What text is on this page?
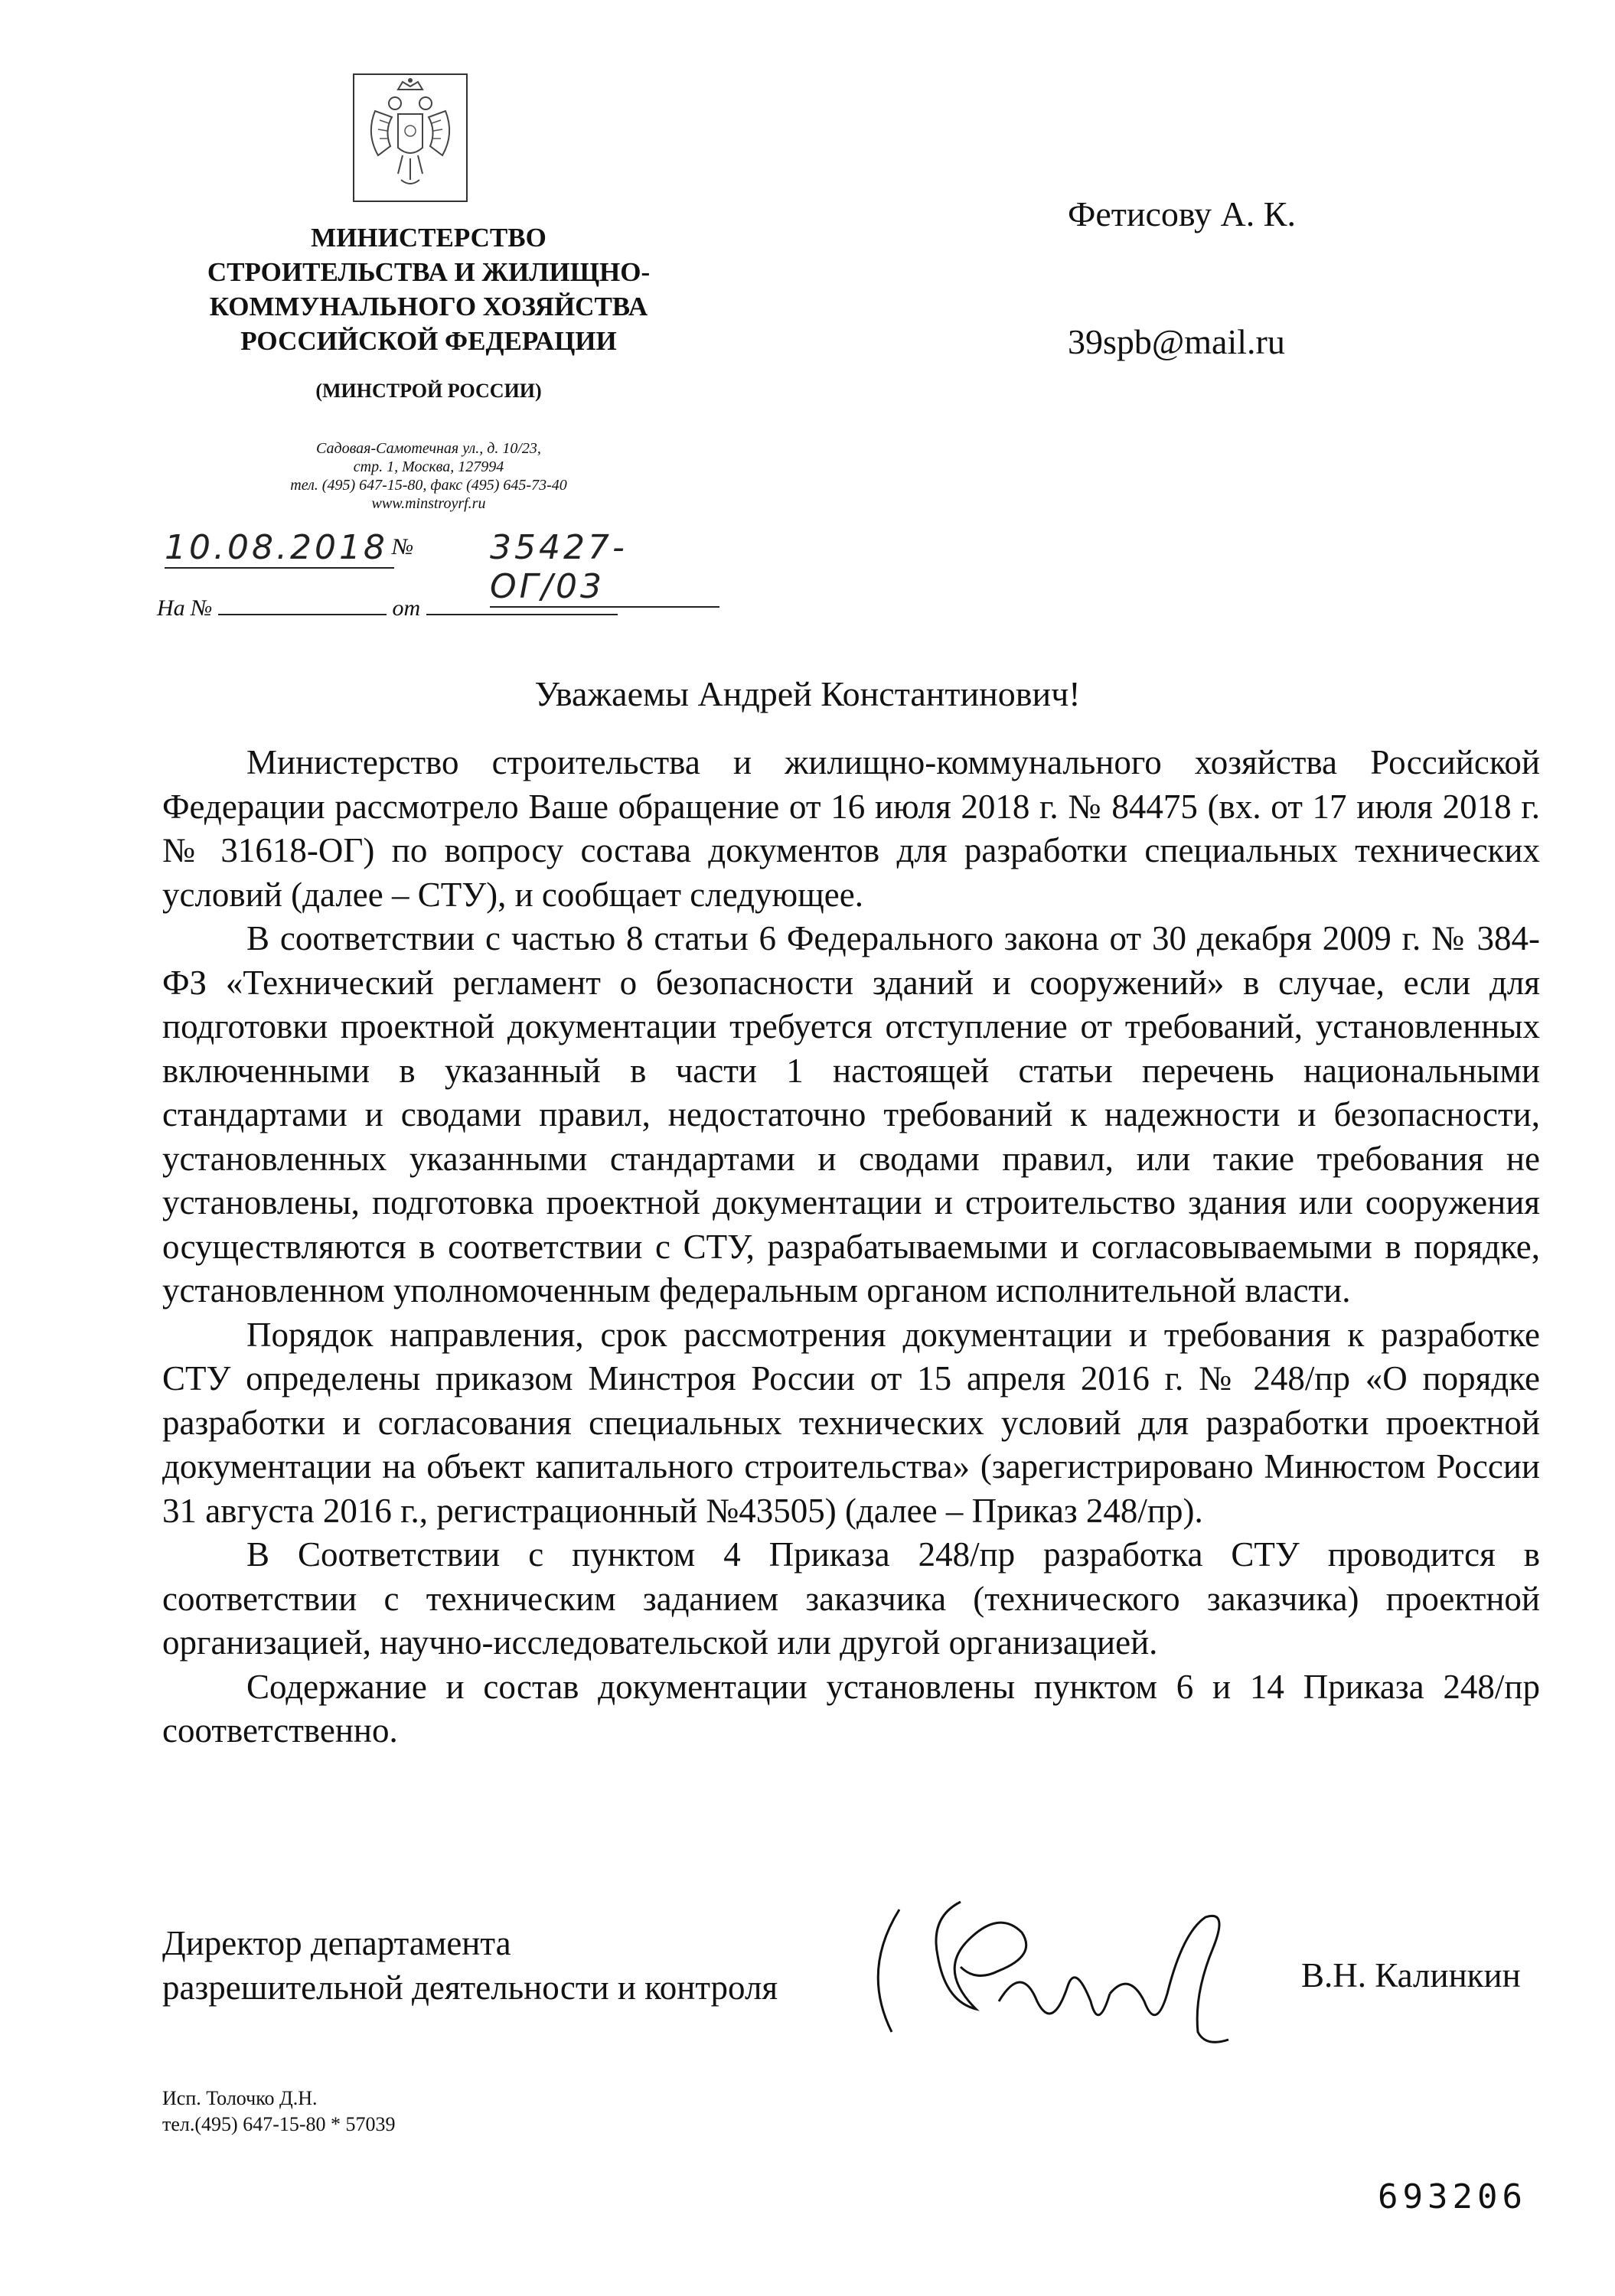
МИНИСТЕРСТВО
СТРОИТЕЛЬСТВА И ЖИЛИЩНО-
КОММУНАЛЬНОГО ХОЗЯЙСТВА
РОССИЙСКОЙ ФЕДЕРАЦИИ
(МИНСТРОЙ РОССИИ)
Садовая-Самотечная ул., д. 10/23,
стр. 1, Москва, 127994
тел. (495) 647-15-80, факс (495) 645-73-40
www.minstroyrf.ru
10.08.2018 № 35427-ОГ/03
На №	от
Фетисову А. К.
39spb@mail.ru
Уважаемы Андрей Константинович!

Министерство строительства и жилищно-коммунального хозяйства Российской Федерации рассмотрело Ваше обращение от 16 июля 2018 г. № 84475 (вх. от 17 июля 2018 г. № 31618-ОГ) по вопросу состава документов для разработки специальных технических условий (далее – СТУ), и сообщает следующее.

В соответствии с частью 8 статьи 6 Федерального закона от 30 декабря 2009 г. № 384-ФЗ «Технический регламент о безопасности зданий и сооружений» в случае, если для подготовки проектной документации требуется отступление от требований, установленных включенными в указанный в части 1 настоящей статьи перечень национальными стандартами и сводами правил, недостаточно требований к надежности и безопасности, установленных указанными стандартами и сводами правил, или такие требования не установлены, подготовка проектной документации и строительство здания или сооружения осуществляются в соответствии с СТУ, разрабатываемыми и согласовываемыми в порядке, установленном уполномоченным федеральным органом исполнительной власти.

Порядок направления, срок рассмотрения документации и требования к разработке СТУ определены приказом Минстроя России от 15 апреля 2016 г. № 248/пр «О порядке разработки и согласования специальных технических условий для разработки проектной документации на объект капитального строительства» (зарегистрировано Минюстом России 31 августа 2016 г., регистрационный №43505) (далее – Приказ 248/пр).

В Соответствии с пунктом 4 Приказа 248/пр разработка СТУ проводится в соответствии с техническим заданием заказчика (технического заказчика) проектной организацией, научно-исследовательской или другой организацией.

Содержание и состав документации установлены пунктом 6 и 14 Приказа 248/пр соответственно.

Директор департамента
разрешительной деятельности и контроля	В.Н. Калинкин
Исп. Толочко Д.Н.
тел.(495) 647-15-80 * 57039
693206
